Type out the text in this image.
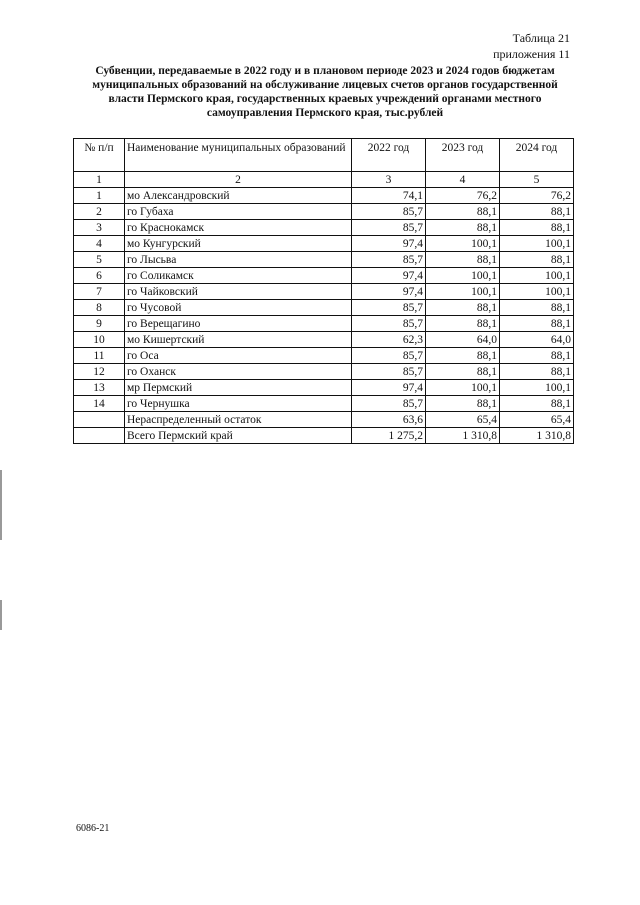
Таблица 21
приложения 11
Субвенции, передаваемые в 2022 году и в плановом периоде 2023 и 2024 годов бюджетам муниципальных образований на обслуживание лицевых счетов органов государственной власти Пермского края, государственных краевых учреждений органами местного самоуправления Пермского края, тыс.рублей
№ п/п	Наименование муниципальных образований	2022 год	2023 год	2024 год
1	2	3	4	5
1	мо Александровский	74,1	76,2	76,2
2	го Губаха	85,7	88,1	88,1
3	го Краснокамск	85,7	88,1	88,1
4	мо Кунгурский	97,4	100,1	100,1
5	го Лысьва	85,7	88,1	88,1
6	го Соликамск	97,4	100,1	100,1
7	го Чайковский	97,4	100,1	100,1
8	го Чусовой	85,7	88,1	88,1
9	го Верещагино	85,7	88,1	88,1
10	мо Кишертский	62,3	64,0	64,0
11	го Оса	85,7	88,1	88,1
12	го Оханск	85,7	88,1	88,1
13	мр Пермский	97,4	100,1	100,1
14	го Чернушка	85,7	88,1	88,1
	Нераспределенный остаток	63,6	65,4	65,4
	Всего Пермский край	1 275,2	1 310,8	1 310,8
6086-21
